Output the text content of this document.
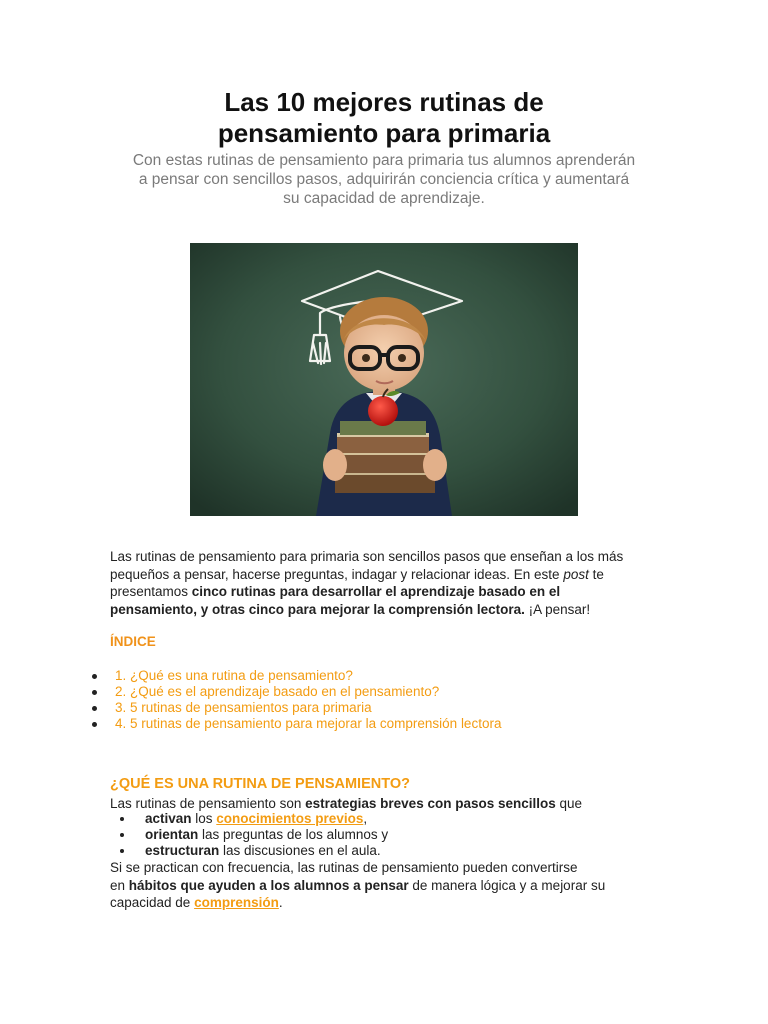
Las 10 mejores rutinas de
pensamiento para primaria
Con estas rutinas de pensamiento para primaria tus alumnos aprenderán
a pensar con sencillos pasos, adquirirán conciencia crítica y aumentará
su capacidad de aprendizaje.
Las rutinas de pensamiento para primaria son sencillos pasos que enseñan a los más
pequeños a pensar, hacerse preguntas, indagar y relacionar ideas. En este post te
presentamos cinco rutinas para desarrollar el aprendizaje basado en el
pensamiento, y otras cinco para mejorar la comprensión lectora. ¡A pensar!
ÍNDICE
1. ¿Qué es una rutina de pensamiento?
2. ¿Qué es el aprendizaje basado en el pensamiento?
3. 5 rutinas de pensamientos para primaria
4. 5 rutinas de pensamiento para mejorar la comprensión lectora
¿QUÉ ES UNA RUTINA DE PENSAMIENTO?
Las rutinas de pensamiento son estrategias breves con pasos sencillos que
activan los conocimientos previos,
orientan las preguntas de los alumnos y
estructuran las discusiones en el aula.
Si se practican con frecuencia, las rutinas de pensamiento pueden convertirse
en hábitos que ayuden a los alumnos a pensar de manera lógica y a mejorar su
capacidad de comprensión.
